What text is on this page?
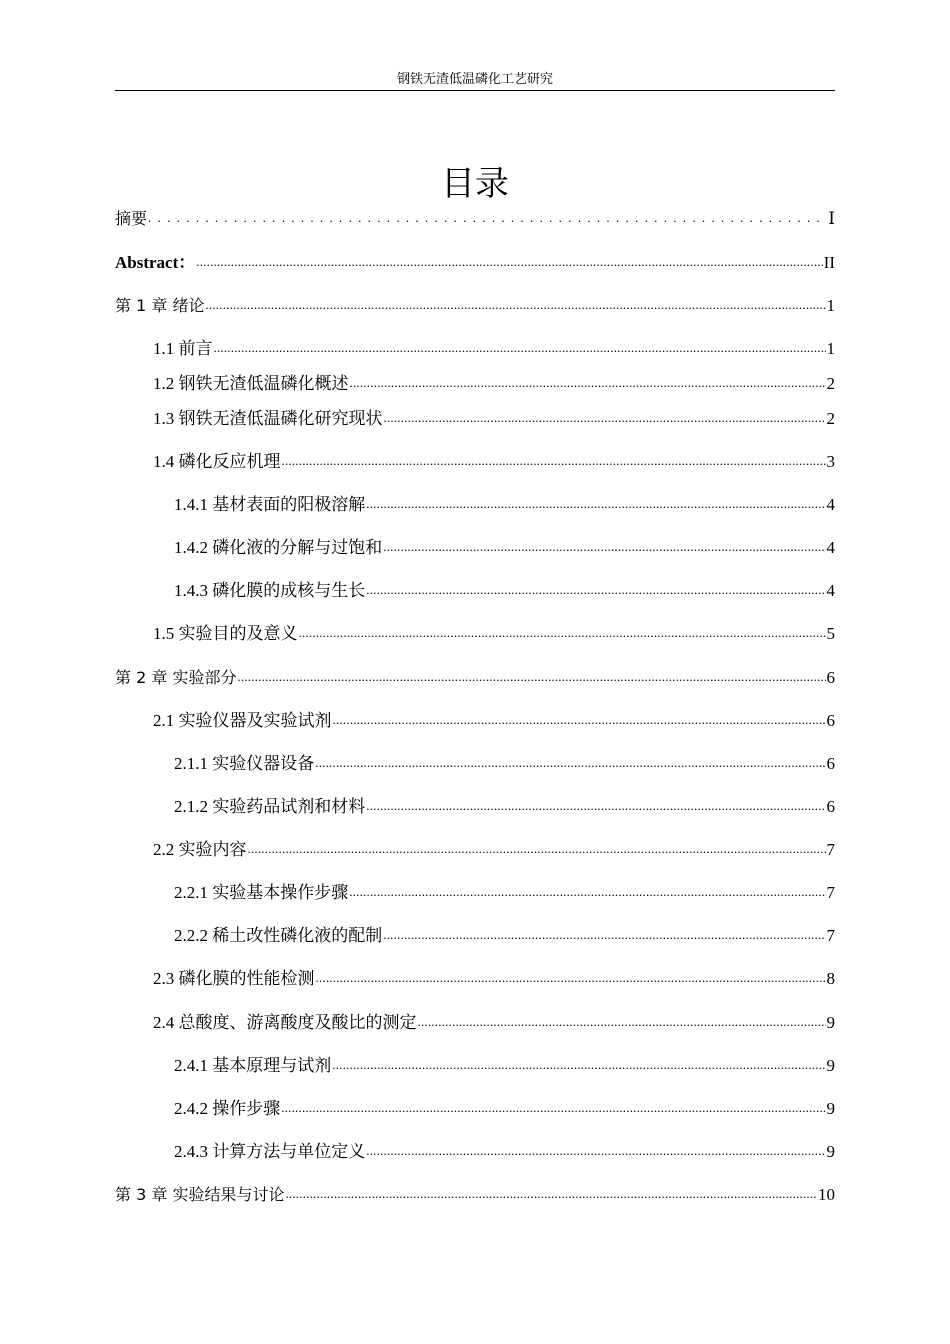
钢铁无渣低温磷化工艺研究
目录
摘要 .....	Ⅰ
Abstract： .....	II
第 1 章 绪论 .....	1
1.1 前言 .....	1
1.2 钢铁无渣低温磷化概述 .....	2
1.3 钢铁无渣低温磷化研究现状 .....	2
1.4 磷化反应机理 .....	3
1.4.1 基材表面的阳极溶解 .....	4
1.4.2 磷化液的分解与过饱和 .....	4
1.4.3 磷化膜的成核与生长 .....	4
1.5 实验目的及意义 .....	5
第 2 章 实验部分 .....	6
2.1 实验仪器及实验试剂 .....	6
2.1.1 实验仪器设备 .....	6
2.1.2 实验药品试剂和材料 .....	6
2.2 实验内容 .....	7
2.2.1 实验基本操作步骤 .....	7
2.2.2 稀土改性磷化液的配制 .....	7
2.3 磷化膜的性能检测 .....	8
2.4 总酸度、游离酸度及酸比的测定 .....	9
2.4.1 基本原理与试剂 .....	9
2.4.2 操作步骤 .....	9
2.4.3 计算方法与单位定义 .....	9
第 3 章 实验结果与讨论 .....	10
